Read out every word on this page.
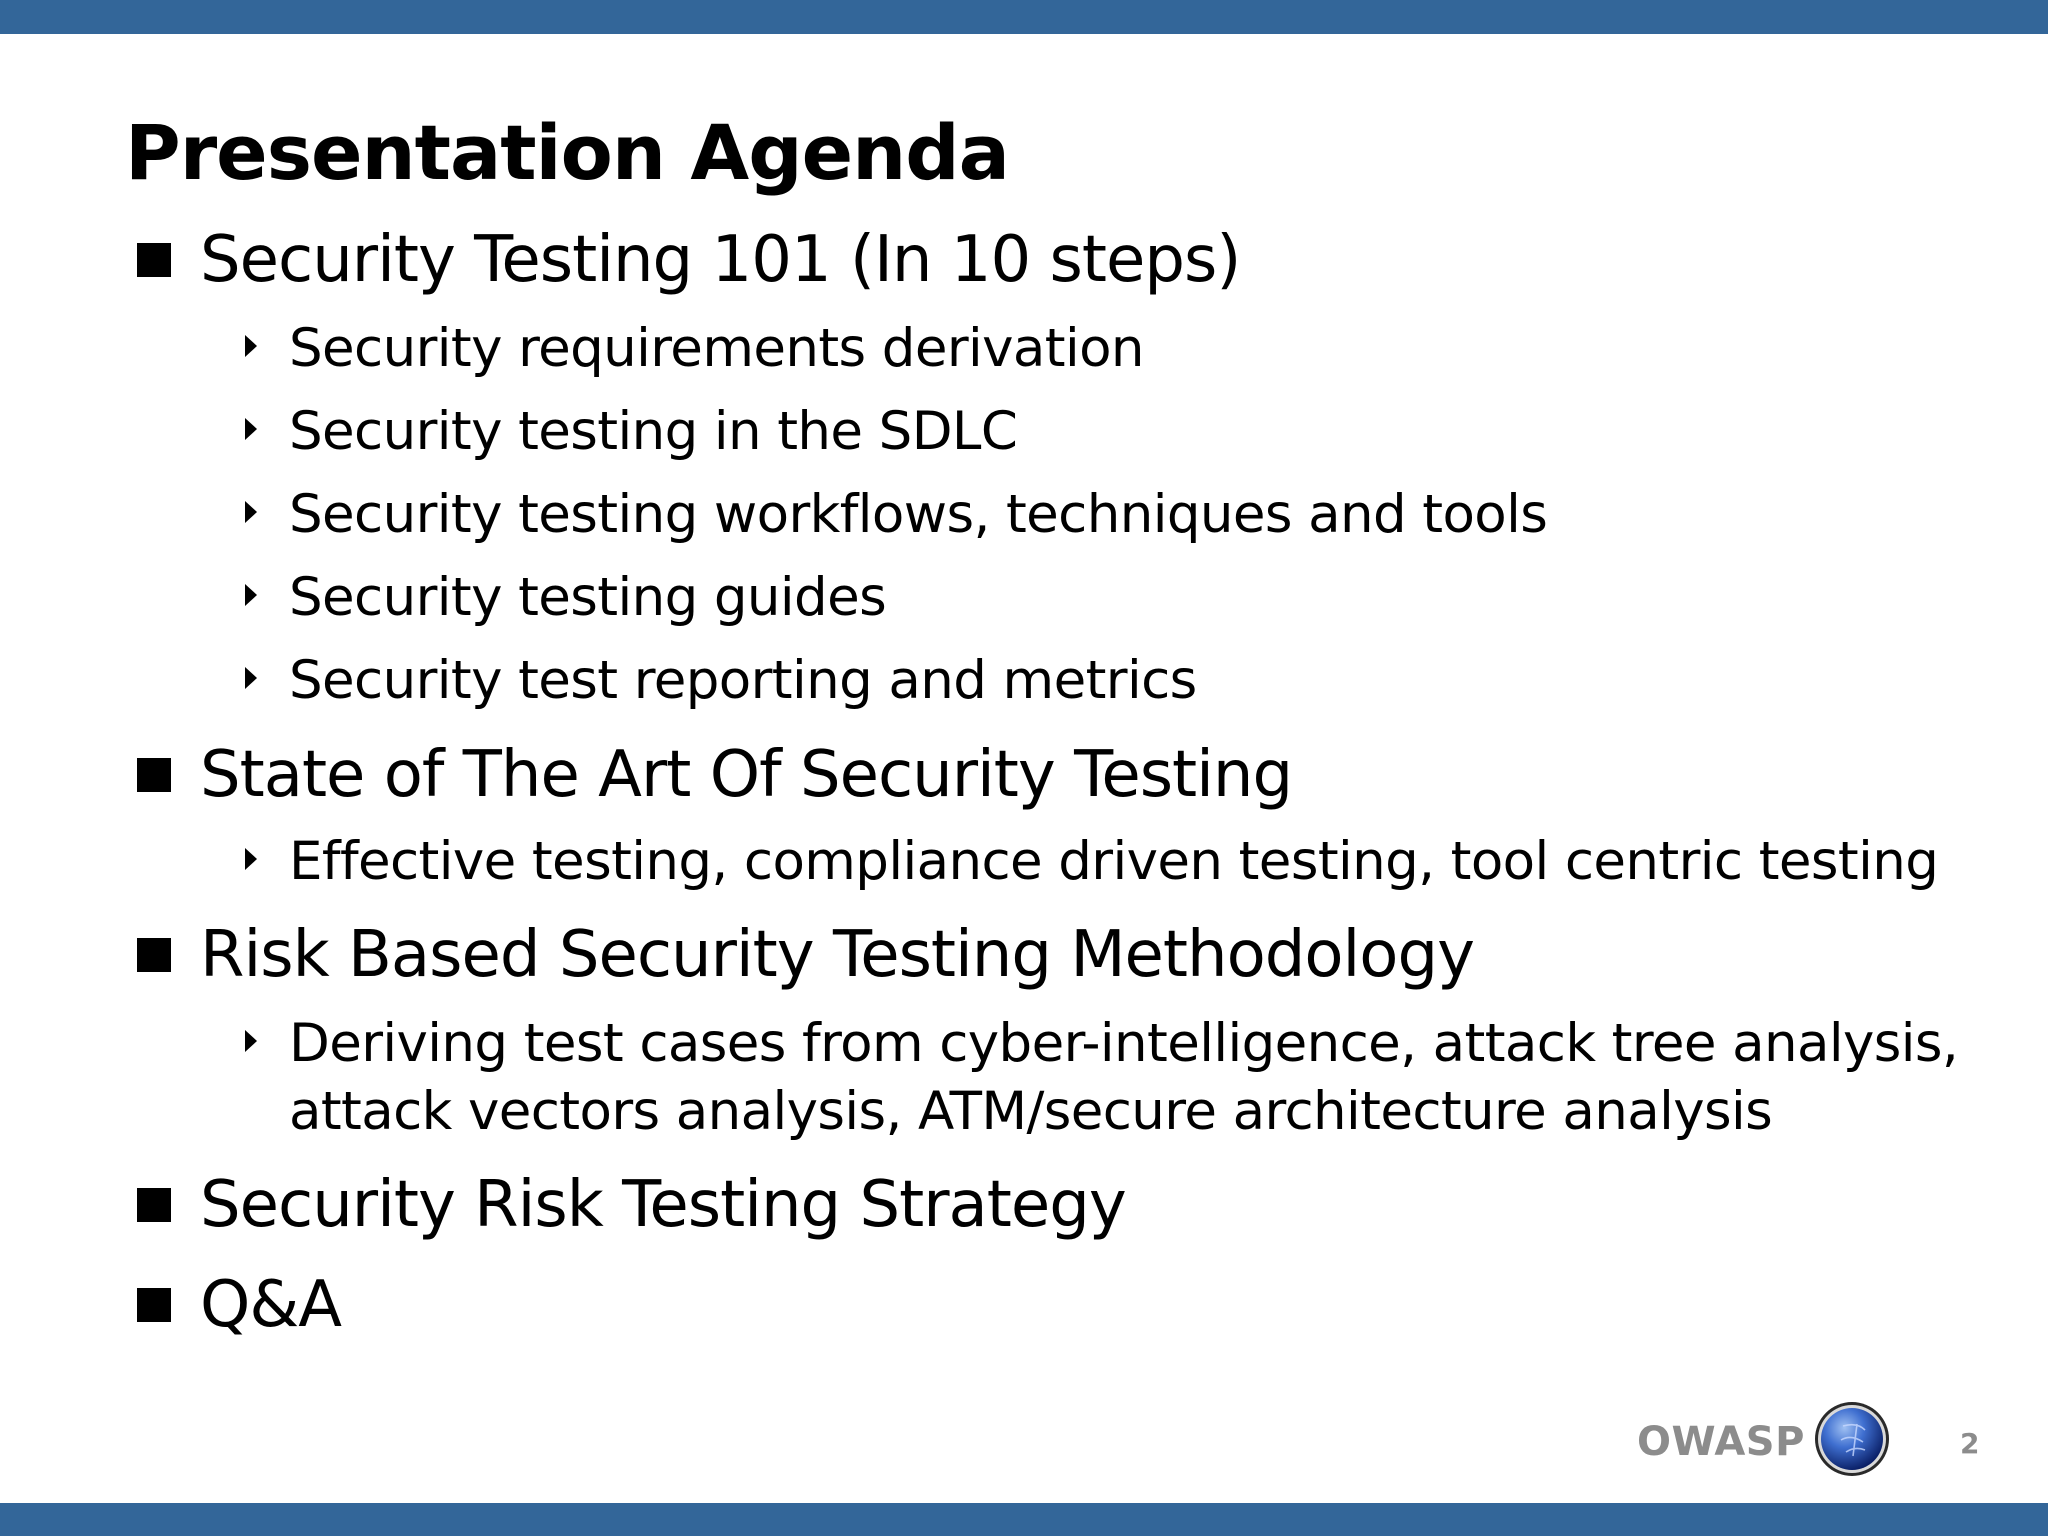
Presentation Agenda
Security Testing 101 (In 10 steps)
Security requirements derivation
Security testing in the SDLC
Security testing workflows, techniques and tools
Security testing guides
Security test reporting and metrics
State of The Art Of Security Testing
Effective testing, compliance driven testing, tool centric testing
Risk Based Security Testing Methodology
Deriving test cases from cyber-intelligence, attack tree analysis,
attack vectors analysis, ATM/secure architecture analysis
Security Risk Testing Strategy
Q&A
OWASP	2
